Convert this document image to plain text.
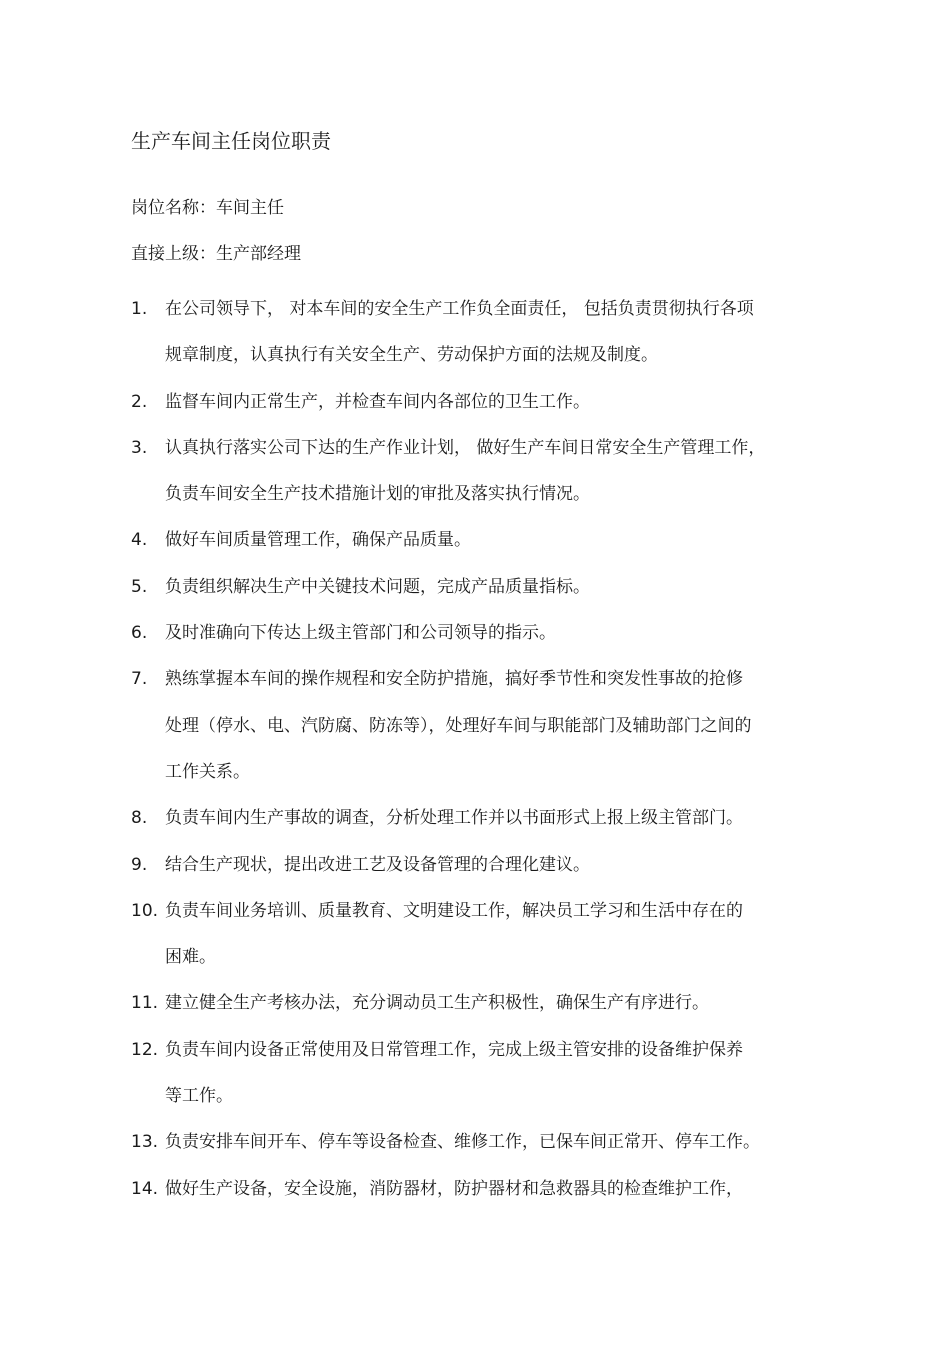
生产车间主任岗位职责
岗位名称：车间主任
直接上级：生产部经理
1.	在公司领导下， 对本车间的安全生产工作负全面责任， 包括负责贯彻执行各项
规章制度，认真执行有关安全生产、劳动保护方面的法规及制度。
2.	监督车间内正常生产，并检查车间内各部位的卫生工作。
3.	认真执行落实公司下达的生产作业计划， 做好生产车间日常安全生产管理工作，
负责车间安全生产技术措施计划的审批及落实执行情况。
4.	做好车间质量管理工作，确保产品质量。
5.	负责组织解决生产中关键技术问题，完成产品质量指标。
6.	及时准确向下传达上级主管部门和公司领导的指示。
7.	熟练掌握本车间的操作规程和安全防护措施，搞好季节性和突发性事故的抢修
处理（停水、电、汽防腐、防冻等），处理好车间与职能部门及辅助部门之间的
工作关系。
8.	负责车间内生产事故的调查，分析处理工作并以书面形式上报上级主管部门。
9.	结合生产现状，提出改进工艺及设备管理的合理化建议。
10. 负责车间业务培训、质量教育、文明建设工作，解决员工学习和生活中存在的
困难。
11. 建立健全生产考核办法，充分调动员工生产积极性，确保生产有序进行。
12. 负责车间内设备正常使用及日常管理工作，完成上级主管安排的设备维护保养
等工作。
13. 负责安排车间开车、停车等设备检查、维修工作，已保车间正常开、停车工作。
14. 做好生产设备，安全设施，消防器材，防护器材和急救器具的检查维护工作，
